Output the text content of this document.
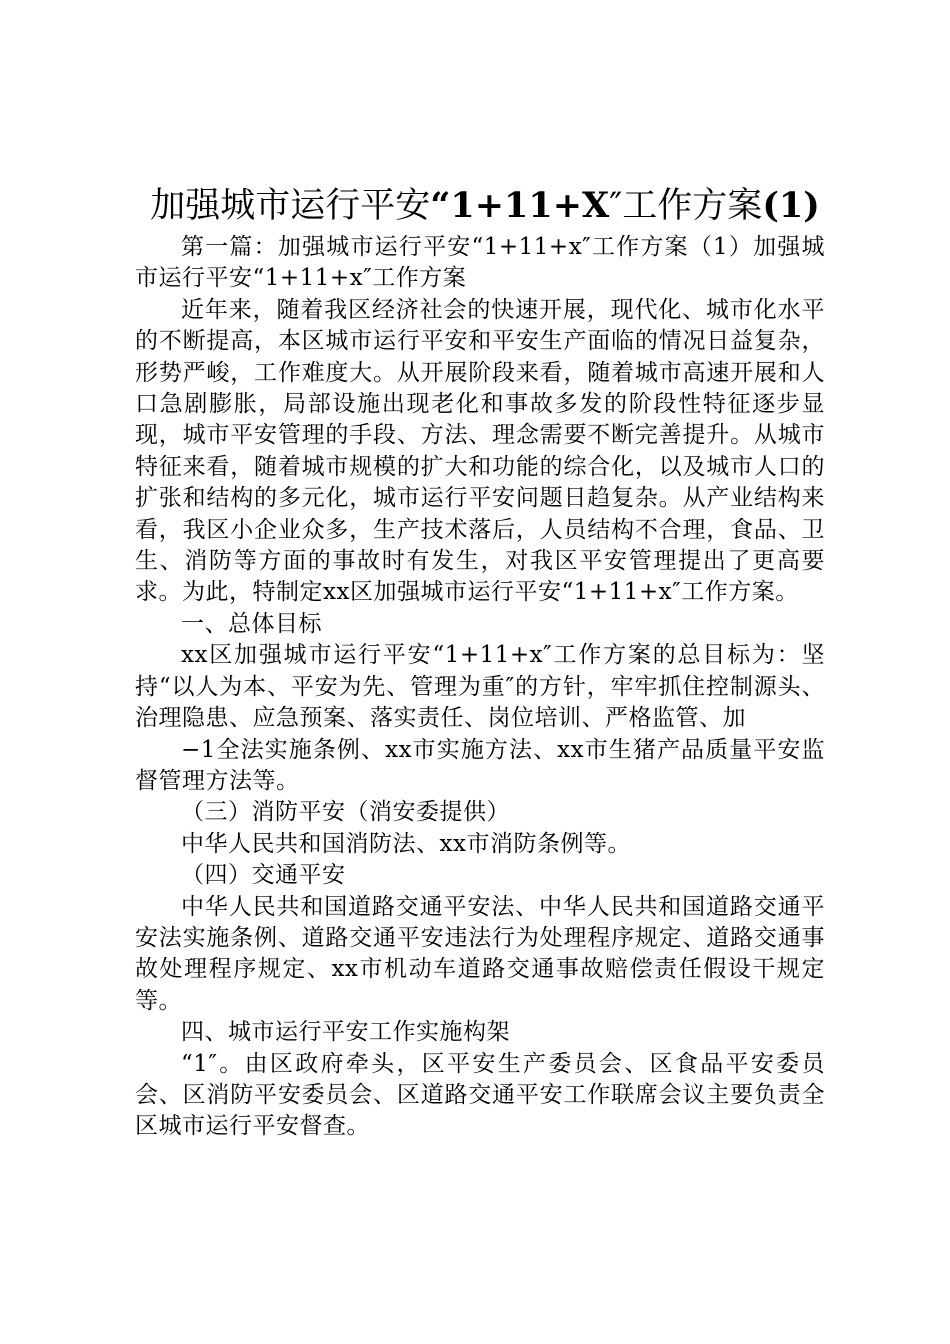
加强城市运行平安“1+11+X″工作方案(1)

第一篇：加强城市运行平安“1+11+x″工作方案（1）加强城市运行平安“1+11+x″工作方案

近年来，随着我区经济社会的快速开展，现代化、城市化水平的不断提高，本区城市运行平安和平安生产面临的情况日益复杂，形势严峻，工作难度大。从开展阶段来看，随着城市高速开展和人口急剧膨胀，局部设施出现老化和事故多发的阶段性特征逐步显现，城市平安管理的手段、方法、理念需要不断完善提升。从城市特征来看，随着城市规模的扩大和功能的综合化，以及城市人口的扩张和结构的多元化，城市运行平安问题日趋复杂。从产业结构来看，我区小企业众多，生产技术落后，人员结构不合理，食品、卫生、消防等方面的事故时有发生，对我区平安管理提出了更高要求。为此，特制定xx区加强城市运行平安“1+11+x″工作方案。

一、总体目标

xx区加强城市运行平安“1+11+x″工作方案的总目标为：坚持“以人为本、平安为先、管理为重″的方针，牢牢抓住控制源头、治理隐患、应急预案、落实责任、岗位培训、严格监管、加

−1全法实施条例、xx市实施方法、xx市生猪产品质量平安监督管理方法等。

（三）消防平安（消安委提供）

中华人民共和国消防法、xx市消防条例等。

（四）交通平安

中华人民共和国道路交通平安法、中华人民共和国道路交通平安法实施条例、道路交通平安违法行为处理程序规定、道路交通事故处理程序规定、xx市机动车道路交通事故赔偿责任假设干规定等。

四、城市运行平安工作实施构架

“1″。由区政府牵头，区平安生产委员会、区食品平安委员会、区消防平安委员会、区道路交通平安工作联席会议主要负责全区城市运行平安督查。
